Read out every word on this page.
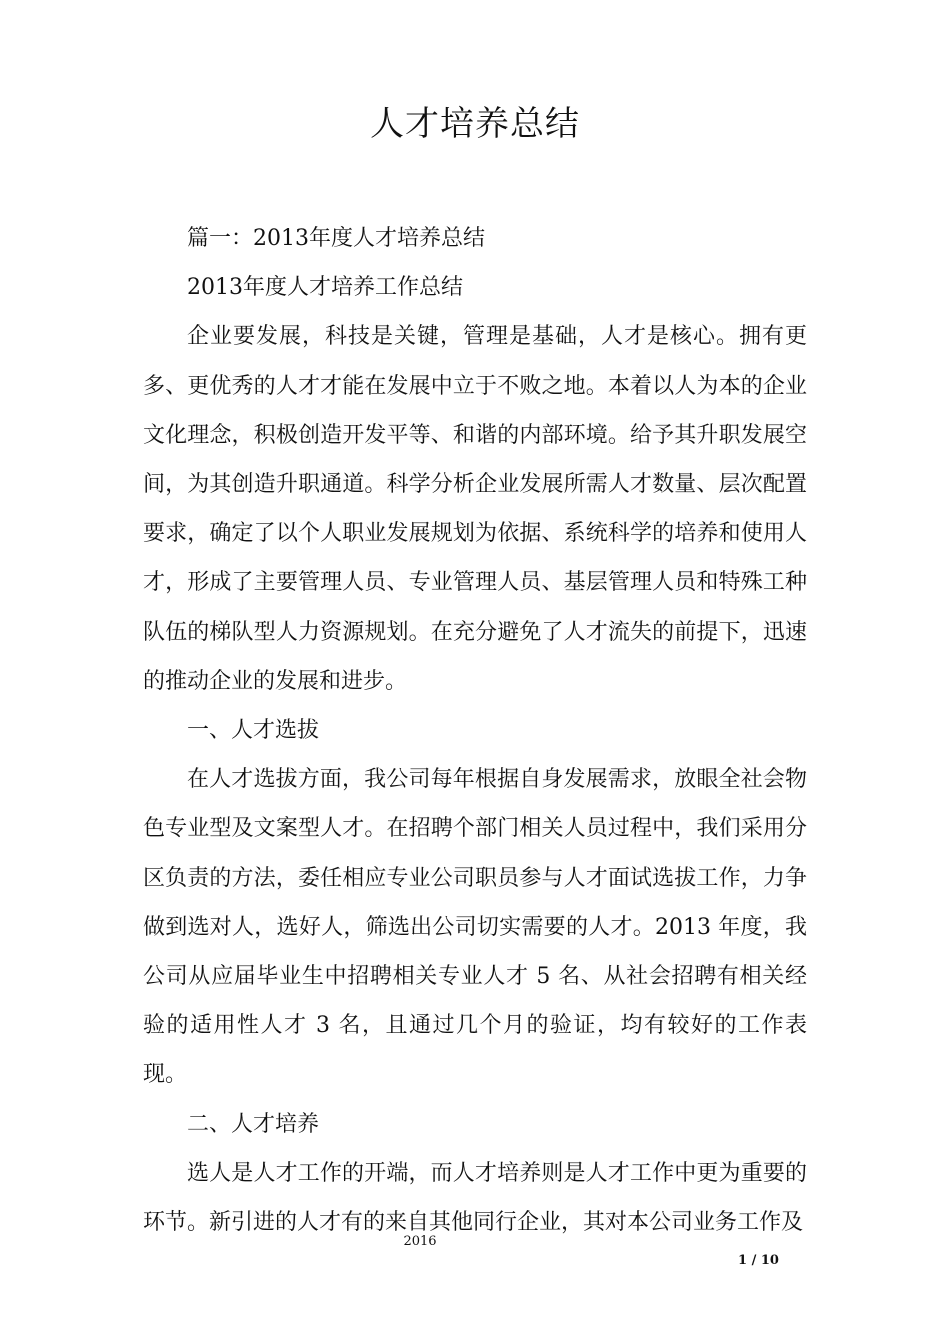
人才培养总结

篇一：2013年度人才培养总结

2013年度人才培养工作总结

企业要发展，科技是关键，管理是基础，人才是核心。拥有更多、更优秀的人才才能在发展中立于不败之地。本着以人为本的企业文化理念，积极创造开发平等、和谐的内部环境。给予其升职发展空间，为其创造升职通道。科学分析企业发展所需人才数量、层次配置要求，确定了以个人职业发展规划为依据、系统科学的培养和使用人才，形成了主要管理人员、专业管理人员、基层管理人员和特殊工种队伍的梯队型人力资源规划。在充分避免了人才流失的前提下，迅速的推动企业的发展和进步。

一、人才选拔

在人才选拔方面，我公司每年根据自身发展需求，放眼全社会物色专业型及文案型人才。在招聘个部门相关人员过程中，我们采用分区负责的方法，委任相应专业公司职员参与人才面试选拔工作，力争做到选对人，选好人，筛选出公司切实需要的人才。2013 年度，我公司从应届毕业生中招聘相关专业人才 5 名、从社会招聘有相关经验的适用性人才 3 名，且通过几个月的验证，均有较好的工作表现。

二、人才培养

选人是人才工作的开端，而人才培养则是人才工作中更为重要的环节。新引进的人才有的来自其他同行企业，其对本公司业务工作及

2016
1 / 10
